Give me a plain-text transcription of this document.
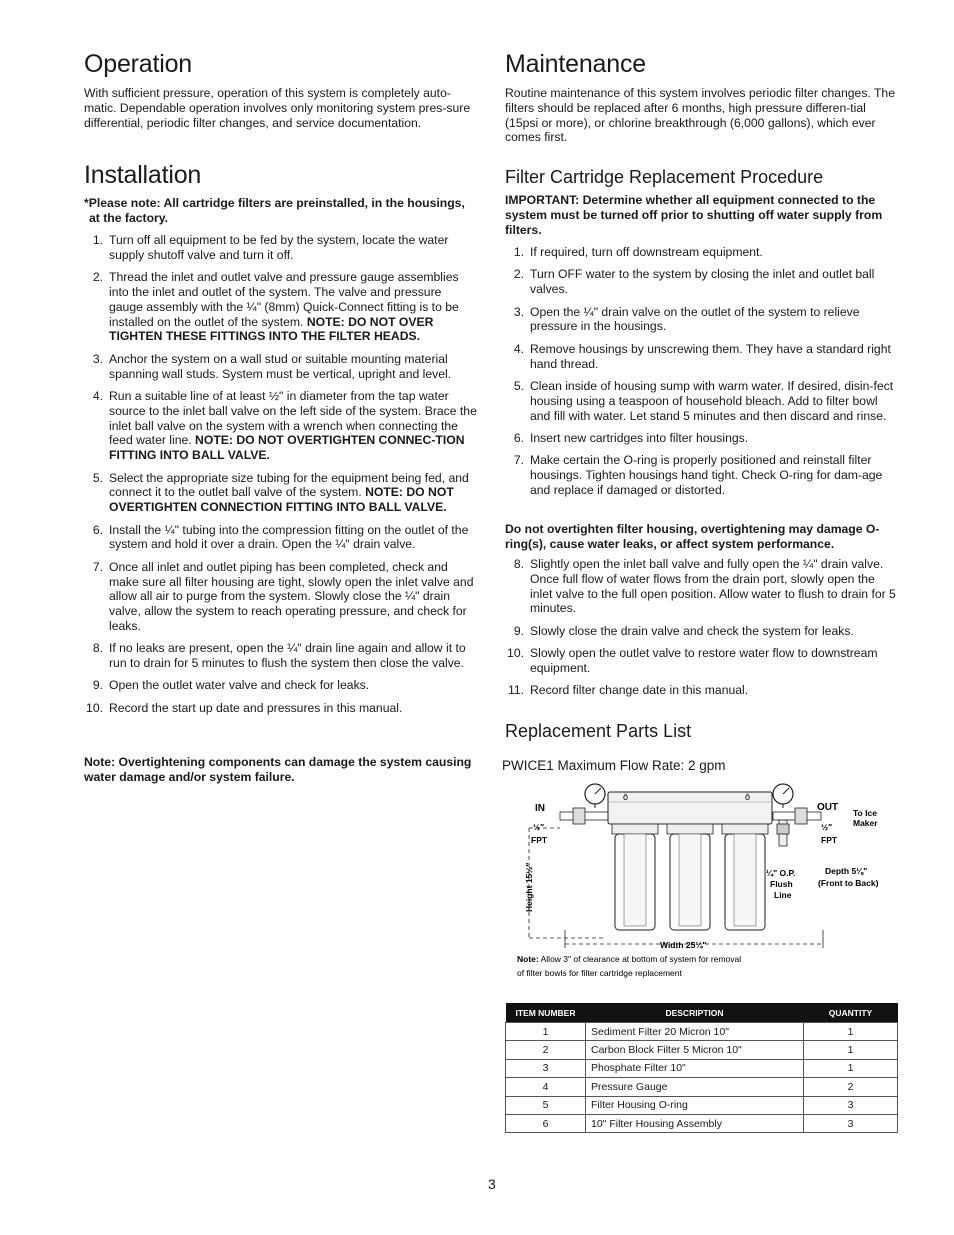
Operation

With sufficient pressure, operation of this system is completely auto-matic. Dependable operation involves only monitoring system pres-sure differential, periodic filter changes, and service documentation.

Installation

*Please note: All cartridge filters are preinstalled, in the housings, at the factory.

1. Turn off all equipment to be fed by the system, locate the water supply shutoff valve and turn it off.
2. Thread the inlet and outlet valve and pressure gauge assemblies into the inlet and outlet of the system. The valve and pressure gauge assembly with the ¼" (8mm) Quick-Connect fitting is to be installed on the outlet of the system. NOTE: DO NOT OVER TIGHTEN THESE FITTINGS INTO THE FILTER HEADS.
3. Anchor the system on a wall stud or suitable mounting material spanning wall studs. System must be vertical, upright and level.
4. Run a suitable line of at least ½" in diameter from the tap water source to the inlet ball valve on the left side of the system. Brace the inlet ball valve on the system with a wrench when connecting the feed water line. NOTE: DO NOT OVERTIGHTEN CONNEC-TION FITTING INTO BALL VALVE.
5. Select the appropriate size tubing for the equipment being fed, and connect it to the outlet ball valve of the system. NOTE: DO NOT OVERTIGHTEN CONNECTION FITTING INTO BALL VALVE.
6. Install the ¼" tubing into the compression fitting on the outlet of the system and hold it over a drain. Open the ¼" drain valve.
7. Once all inlet and outlet piping has been completed, check and make sure all filter housing are tight, slowly open the inlet valve and allow all air to purge from the system. Slowly close the ¼" drain valve, allow the system to reach operating pressure, and check for leaks.
8. If no leaks are present, open the ¼" drain line again and allow it to run to drain for 5 minutes to flush the system then close the valve.
9. Open the outlet water valve and check for leaks.
10. Record the start up date and pressures in this manual.

Note: Overtightening components can damage the system causing water damage and/or system failure.

Maintenance

Routine maintenance of this system involves periodic filter changes. The filters should be replaced after 6 months, high pressure differen-tial (15psi or more), or chlorine breakthrough (6,000 gallons), which ever comes first.

Filter Cartridge Replacement Procedure

IMPORTANT: Determine whether all equipment connected to the system must be turned off prior to shutting off water supply from filters.

1. If required, turn off downstream equipment.
2. Turn OFF water to the system by closing the inlet and outlet ball valves.
3. Open the ¼" drain valve on the outlet of the system to relieve pressure in the housings.
4. Remove housings by unscrewing them. They have a standard right hand thread.
5. Clean inside of housing sump with warm water. If desired, disin-fect housing using a teaspoon of household bleach. Add to filter bowl and fill with water. Let stand 5 minutes and then discard and rinse.
6. Insert new cartridges into filter housings.
7. Make certain the O-ring is properly positioned and reinstall filter housings. Tighten housings hand tight. Check O-ring for dam-age and replace if damaged or distorted.

Do not overtighten filter housing, overtightening may damage O-ring(s), cause water leaks, or affect system performance.

8. Slightly open the inlet ball valve and fully open the ¼" drain valve. Once full flow of water flows from the drain port, slowly open the inlet valve to the full open position. Allow water to flush to drain for 5 minutes.
9. Slowly close the drain valve and check the system for leaks.
10. Slowly open the outlet valve to restore water flow to downstream equipment.
11. Record filter change date in this manual.
Replacement Parts List
PWICE1 Maximum Flow Rate: 2 gpm
ô	ô
IN
½"
FPT
OUT
½"
FPT
To Ice
Maker
¼" O.P.
Flush
Line
Depth 5⅛"
(Front to Back)
Height 15½"
Width 25¼"
Note: Allow 3" of clearance at bottom of system for removal
of filter bowls for filter cartridge replacement
ITEM NUMBER	DESCRIPTION	QUANTITY
1	Sediment Filter 20 Micron 10"	1
2	Carbon Block Filter 5 Micron 10"	1
3	Phosphate Filter 10"	1
4	Pressure Gauge	2
5	Filter Housing O-ring	3
6	10" Filter Housing Assembly	3
3
